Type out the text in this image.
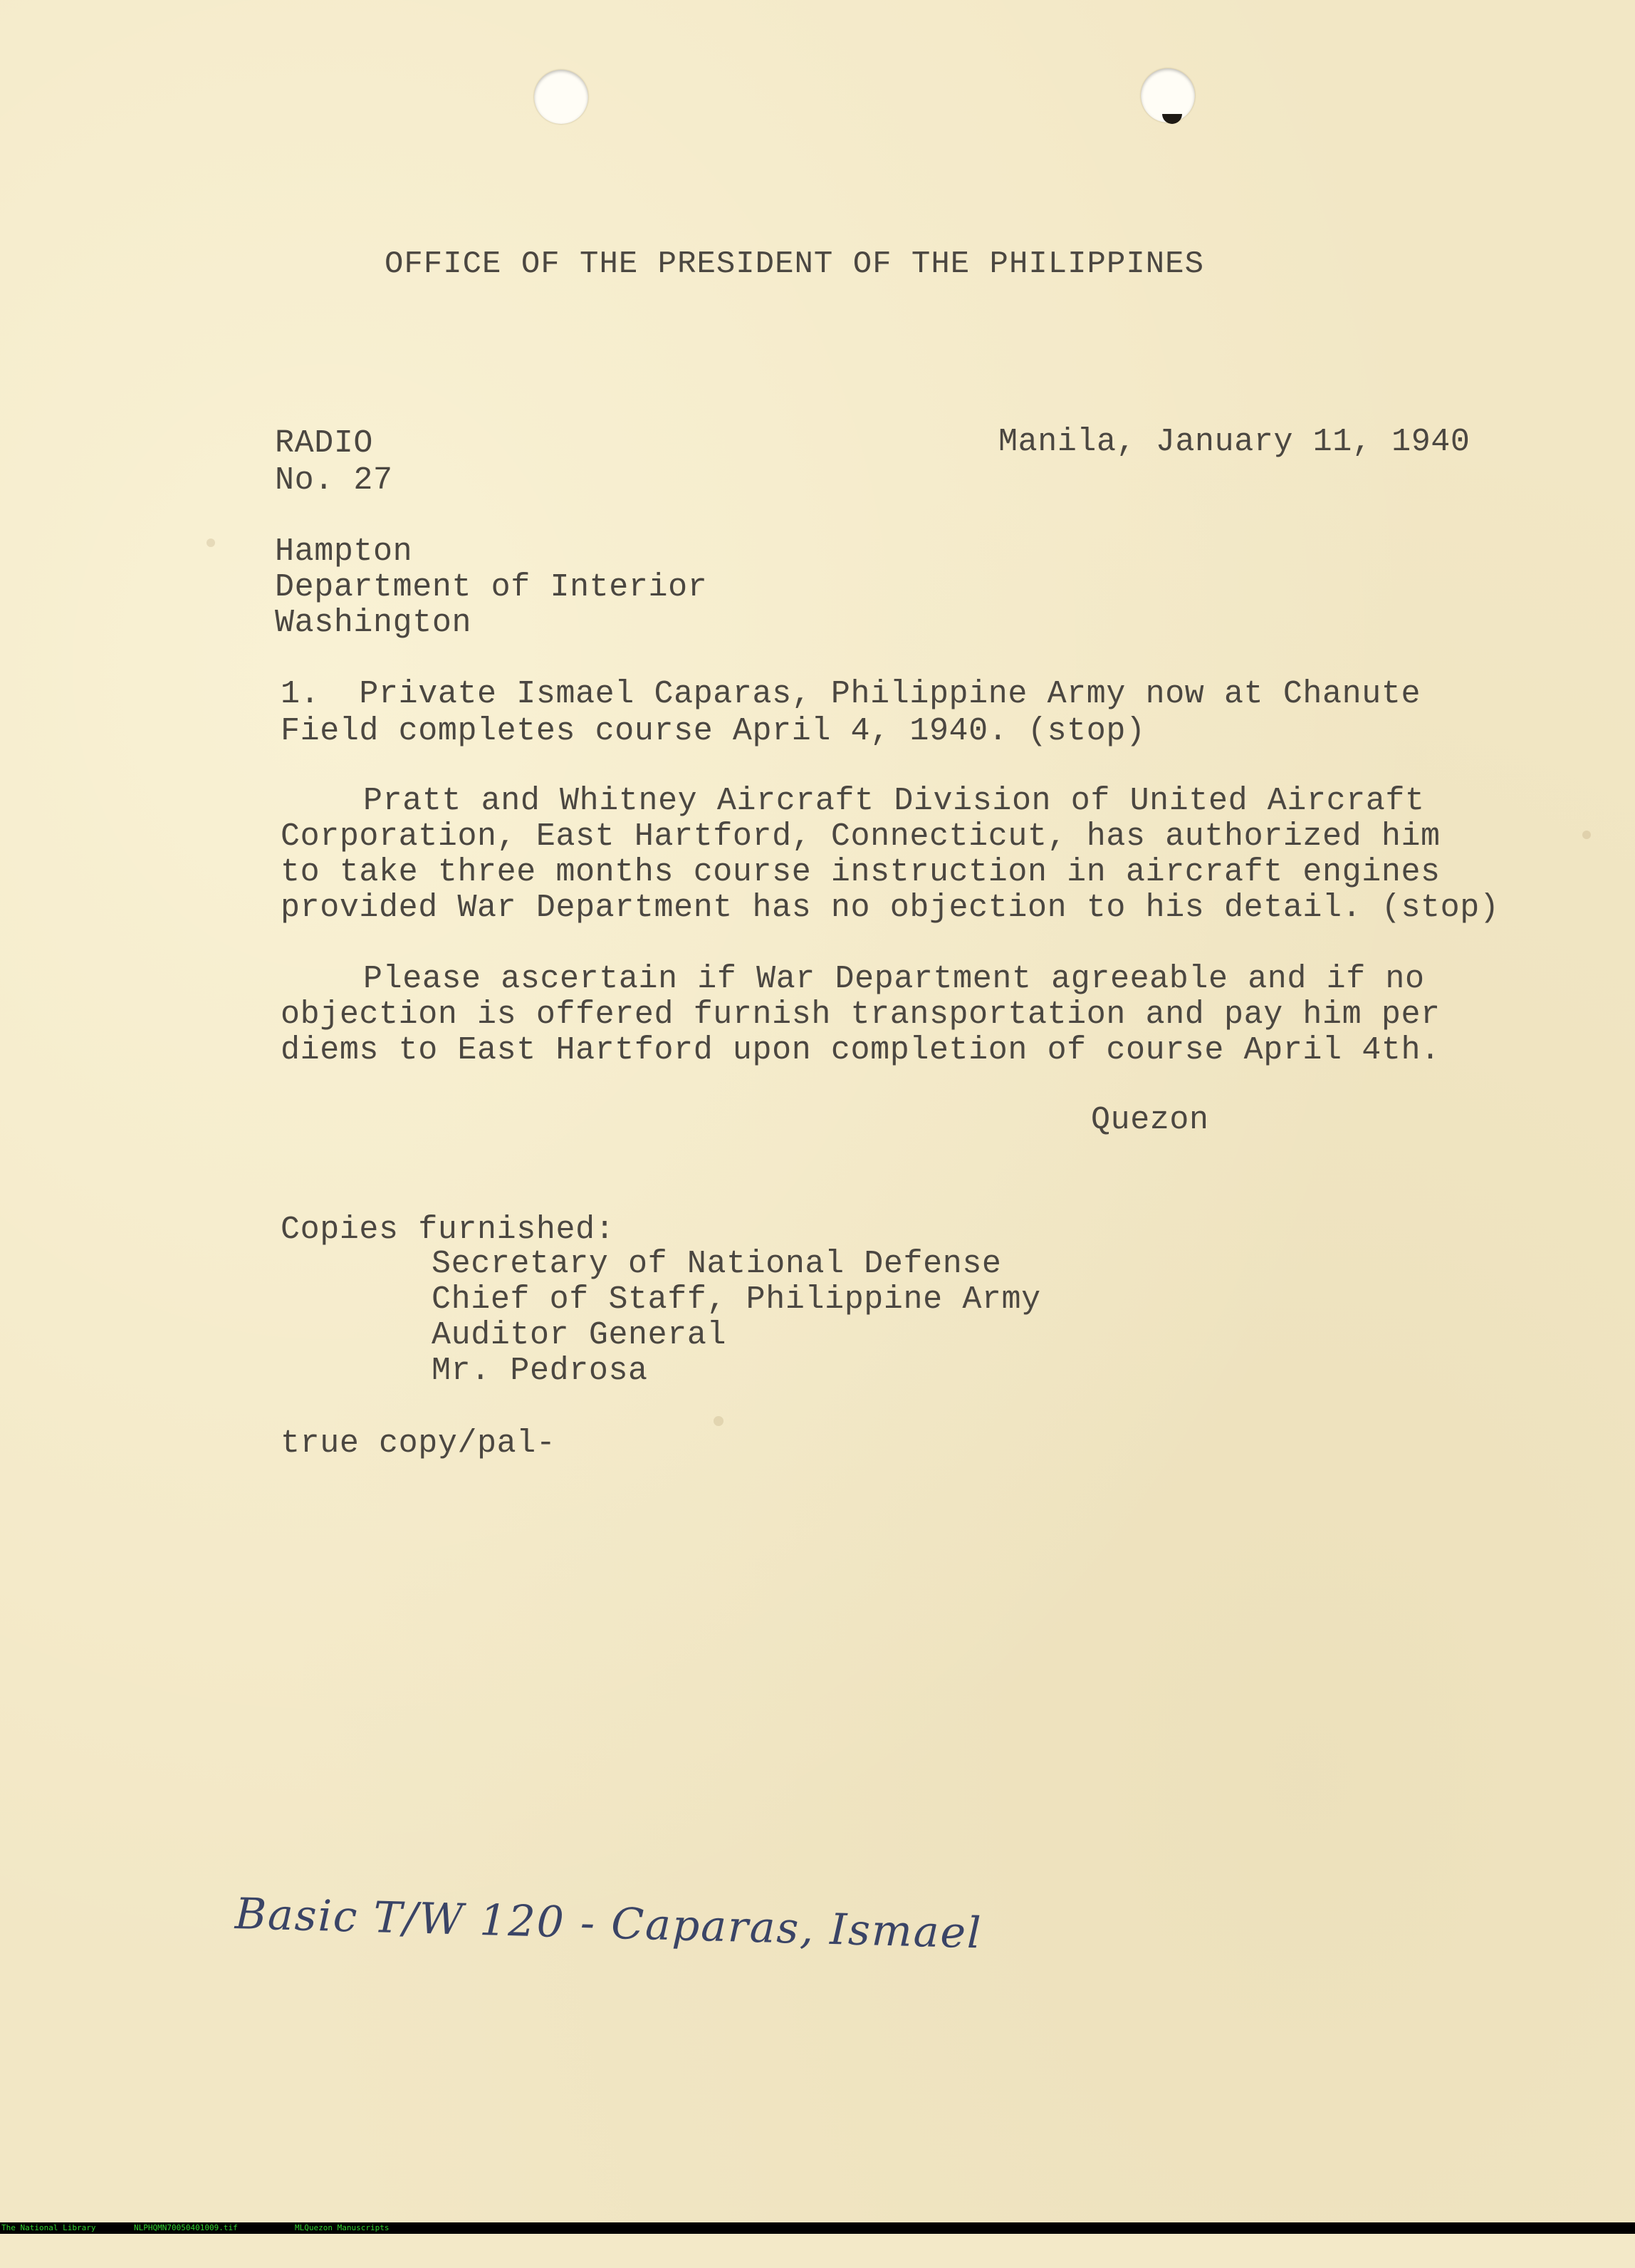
OFFICE OF THE PRESIDENT OF THE PHILIPPINES

RADIO

No. 27

Manila, January 11, 1940

Hampton

Department of Interior

Washington

1.  Private Ismael Caparas, Philippine Army now at Chanute

Field completes course April 4, 1940. (stop)

Pratt and Whitney Aircraft Division of United Aircraft

Corporation, East Hartford, Connecticut, has authorized him

to take three months course instruction in aircraft engines

provided War Department has no objection to his detail. (stop)

Please ascertain if War Department agreeable and if no

objection is offered furnish transportation and pay him per

diems to East Hartford upon completion of course April 4th.

Quezon

Copies furnished:

Secretary of National Defense

Chief of Staff, Philippine Army

Auditor General

Mr. Pedrosa

true copy/pal-

Basic T/W 120 - Caparas, Ismael

The National Library

	NLPHQMN70050401009.tif

	MLQuezon Manuscripts
